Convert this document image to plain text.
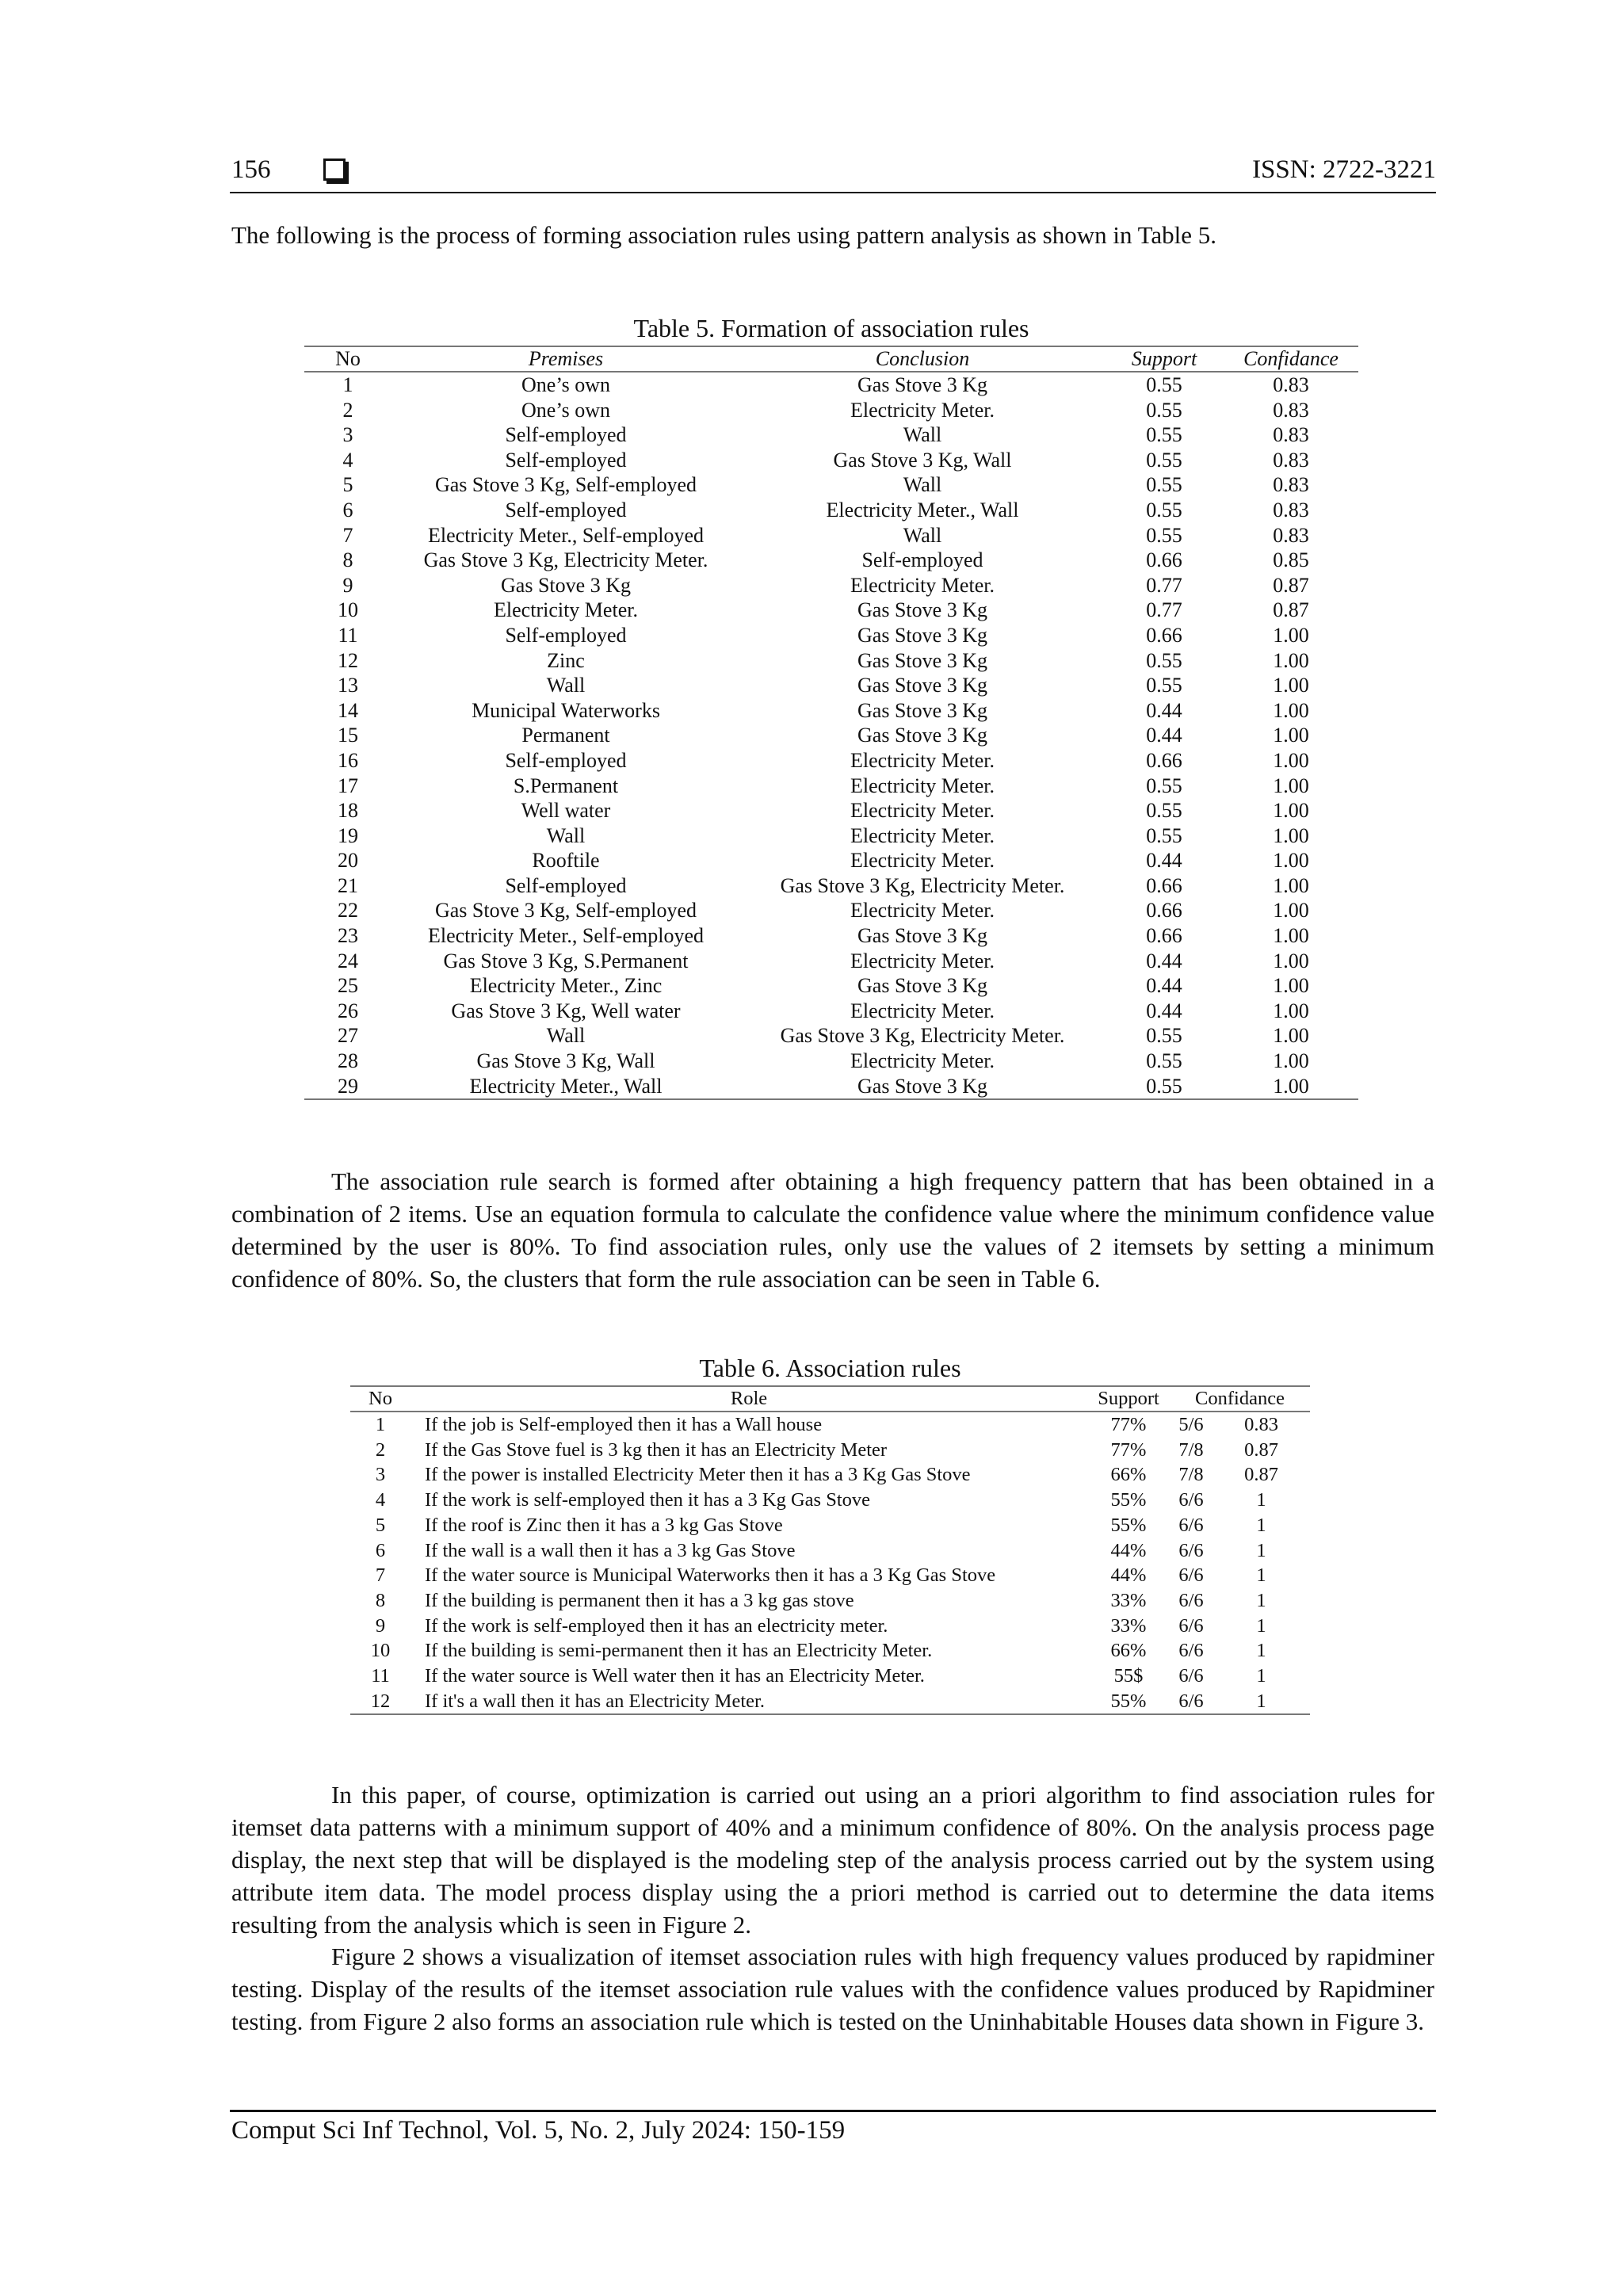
156	ISSN: 2722-3221
The following is the process of forming association rules using pattern analysis as shown in Table 5.
Table 5. Formation of association rules
No	Premises	Conclusion	Support	Confidance
1	One’s own	Gas Stove 3 Kg	0.55	0.83
2	One’s own	Electricity Meter.	0.55	0.83
3	Self-employed	Wall	0.55	0.83
4	Self-employed	Gas Stove 3 Kg, Wall	0.55	0.83
5	Gas Stove 3 Kg, Self-employed	Wall	0.55	0.83
6	Self-employed	Electricity Meter., Wall	0.55	0.83
7	Electricity Meter., Self-employed	Wall	0.55	0.83
8	Gas Stove 3 Kg, Electricity Meter.	Self-employed	0.66	0.85
9	Gas Stove 3 Kg	Electricity Meter.	0.77	0.87
10	Electricity Meter.	Gas Stove 3 Kg	0.77	0.87
11	Self-employed	Gas Stove 3 Kg	0.66	1.00
12	Zinc	Gas Stove 3 Kg	0.55	1.00
13	Wall	Gas Stove 3 Kg	0.55	1.00
14	Municipal Waterworks	Gas Stove 3 Kg	0.44	1.00
15	Permanent	Gas Stove 3 Kg	0.44	1.00
16	Self-employed	Electricity Meter.	0.66	1.00
17	S.Permanent	Electricity Meter.	0.55	1.00
18	Well water	Electricity Meter.	0.55	1.00
19	Wall	Electricity Meter.	0.55	1.00
20	Rooftile	Electricity Meter.	0.44	1.00
21	Self-employed	Gas Stove 3 Kg, Electricity Meter.	0.66	1.00
22	Gas Stove 3 Kg, Self-employed	Electricity Meter.	0.66	1.00
23	Electricity Meter., Self-employed	Gas Stove 3 Kg	0.66	1.00
24	Gas Stove 3 Kg, S.Permanent	Electricity Meter.	0.44	1.00
25	Electricity Meter., Zinc	Gas Stove 3 Kg	0.44	1.00
26	Gas Stove 3 Kg, Well water	Electricity Meter.	0.44	1.00
27	Wall	Gas Stove 3 Kg, Electricity Meter.	0.55	1.00
28	Gas Stove 3 Kg, Wall	Electricity Meter.	0.55	1.00
29	Electricity Meter., Wall	Gas Stove 3 Kg	0.55	1.00
The association rule search is formed after obtaining a high frequency pattern that has been obtained in a combination of 2 items. Use an equation formula to calculate the confidence value where the minimum confidence value determined by the user is 80%. To find association rules, only use the values of 2 itemsets by setting a minimum confidence of 80%. So, the clusters that form the rule association can be seen in Table 6.
Table 6. Association rules
No	Role	Support	Confidance	
1	If the job is Self-employed then it has a Wall house	77%	5/6	0.83
2	If the Gas Stove fuel is 3 kg then it has an Electricity Meter	77%	7/8	0.87
3	If the power is installed Electricity Meter then it has a 3 Kg Gas Stove	66%	7/8	0.87
4	If the work is self-employed then it has a 3 Kg Gas Stove	55%	6/6	1
5	If the roof is Zinc then it has a 3 kg Gas Stove	55%	6/6	1
6	If the wall is a wall then it has a 3 kg Gas Stove	44%	6/6	1
7	If the water source is Municipal Waterworks then it has a 3 Kg Gas Stove	44%	6/6	1
8	If the building is permanent then it has a 3 kg gas stove	33%	6/6	1
9	If the work is self-employed then it has an electricity meter.	33%	6/6	1
10	If the building is semi-permanent then it has an Electricity Meter.	66%	6/6	1
11	If the water source is Well water then it has an Electricity Meter.	55$	6/6	1
12	If it's a wall then it has an Electricity Meter.	55%	6/6	1
In this paper, of course, optimization is carried out using an a priori algorithm to find association rules for itemset data patterns with a minimum support of 40% and a minimum confidence of 80%. On the analysis process page display, the next step that will be displayed is the modeling step of the analysis process carried out by the system using attribute item data. The model process display using the a priori method is carried out to determine the data items resulting from the analysis which is seen in Figure 2.
Figure 2 shows a visualization of itemset association rules with high frequency values produced by rapidminer testing. Display of the results of the itemset association rule values with the confidence values produced by Rapidminer testing. from Figure 2 also forms an association rule which is tested on the Uninhabitable Houses data shown in Figure 3.
Comput Sci Inf Technol, Vol. 5, No. 2, July 2024: 150-159
